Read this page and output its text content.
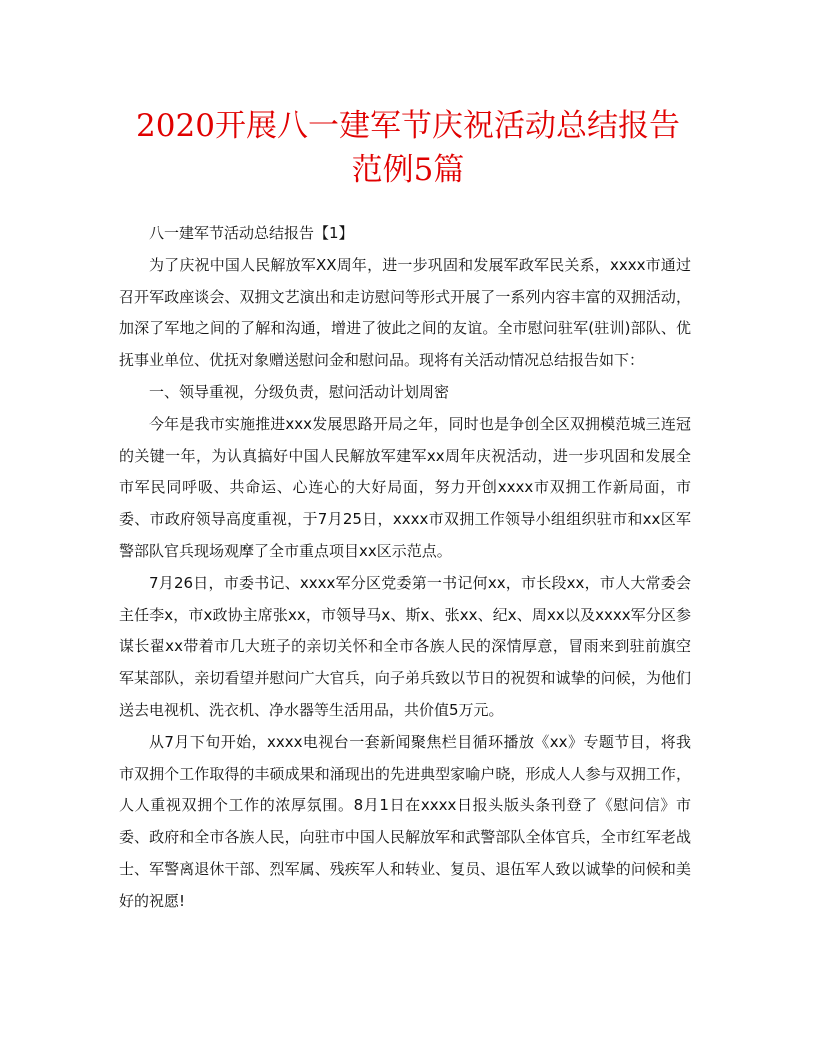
2020开展八一建军节庆祝活动总结报告
范例5篇

八一建军节活动总结报告【1】

为了庆祝中国人民解放军XX周年，进一步巩固和发展军政军民关系，xxxx市通过召开军政座谈会、双拥文艺演出和走访慰问等形式开展了一系列内容丰富的双拥活动，加深了军地之间的了解和沟通，增进了彼此之间的友谊。全市慰问驻军(驻训)部队、优抚事业单位、优抚对象赠送慰问金和慰问品。现将有关活动情况总结报告如下：

一、领导重视，分级负责，慰问活动计划周密

今年是我市实施推进xxx发展思路开局之年，同时也是争创全区双拥模范城三连冠的关键一年，为认真搞好中国人民解放军建军xx周年庆祝活动，进一步巩固和发展全市军民同呼吸、共命运、心连心的大好局面，努力开创xxxx市双拥工作新局面，市委、市政府领导高度重视，于7月25日，xxxx市双拥工作领导小组组织驻市和xx区军警部队官兵现场观摩了全市重点项目xx区示范点。

7月26日，市委书记、xxxx军分区党委第一书记何xx，市长段xx，市人大常委会主任李x，市x政协主席张xx，市领导马x、斯x、张xx、纪x、周xx以及xxxx军分区参谋长翟xx带着市几大班子的亲切关怀和全市各族人民的深情厚意，冒雨来到驻前旗空军某部队，亲切看望并慰问广大官兵，向子弟兵致以节日的祝贺和诚挚的问候，为他们送去电视机、洗衣机、净水器等生活用品，共价值5万元。

从7月下旬开始，xxxx电视台一套新闻聚焦栏目循环播放《xx》专题节目，将我市双拥个工作取得的丰硕成果和涌现出的先进典型家喻户晓，形成人人参与双拥工作，人人重视双拥个工作的浓厚氛围。8月1日在xxxx日报头版头条刊登了《慰问信》市委、政府和全市各族人民，向驻市中国人民解放军和武警部队全体官兵，全市红军老战士、军警离退休干部、烈军属、残疾军人和转业、复员、退伍军人致以诚挚的问候和美好的祝愿!
